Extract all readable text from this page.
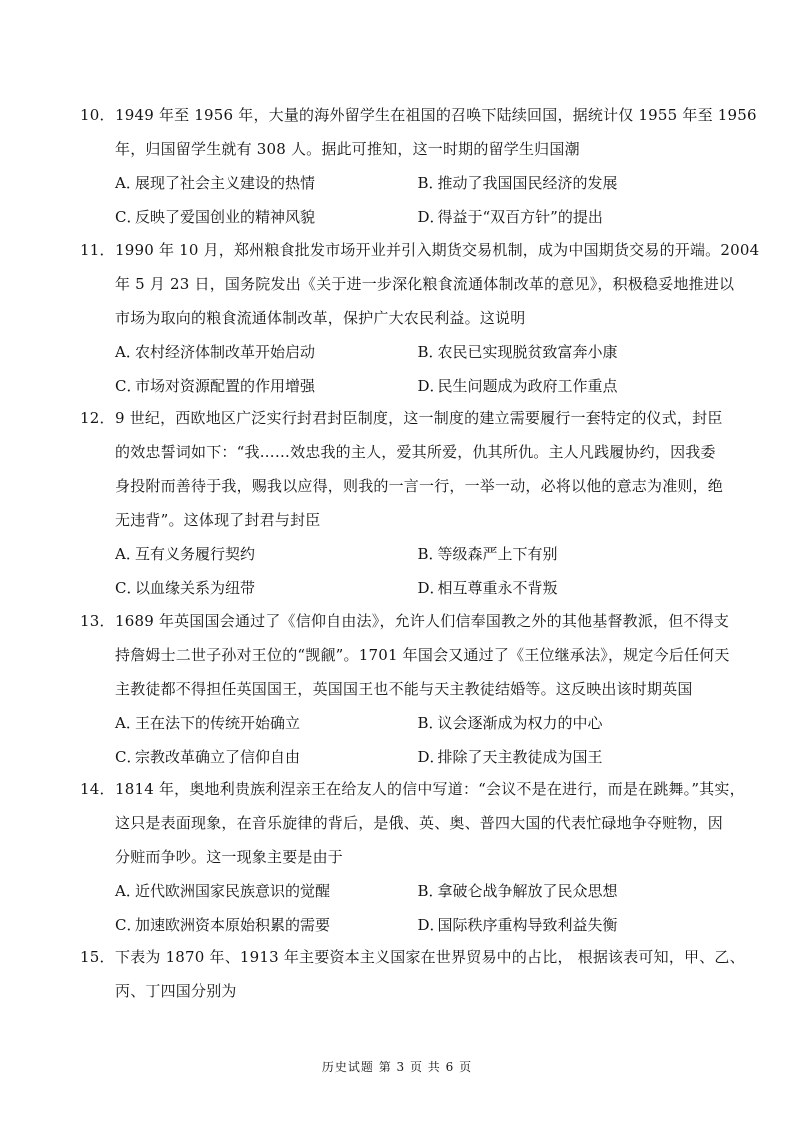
10．1949 年至 1956 年，大量的海外留学生在祖国的召唤下陆续回国，据统计仅 1955 年至 1956
年，归国留学生就有 308 人。据此可推知，这一时期的留学生归国潮
A．展现了社会主义建设的热情	B．推动了我国国民经济的发展
C．反映了爱国创业的精神风貌	D．得益于“双百方针”的提出
11．1990 年 10 月，郑州粮食批发市场开业并引入期货交易机制，成为中国期货交易的开端。2004
年 5 月 23 日，国务院发出《关于进一步深化粮食流通体制改革的意见》，积极稳妥地推进以
市场为取向的粮食流通体制改革，保护广大农民利益。这说明
A．农村经济体制改革开始启动	B．农民已实现脱贫致富奔小康
C．市场对资源配置的作用增强	D．民生问题成为政府工作重点
12．9 世纪，西欧地区广泛实行封君封臣制度，这一制度的建立需要履行一套特定的仪式，封臣
的效忠誓词如下：“我……效忠我的主人，爱其所爱，仇其所仇。主人凡践履协约，因我委
身投附而善待于我，赐我以应得，则我的一言一行，一举一动，必将以他的意志为准则，绝
无违背”。这体现了封君与封臣
A．互有义务履行契约	B．等级森严上下有别
C．以血缘关系为纽带	D．相互尊重永不背叛
13．1689 年英国国会通过了《信仰自由法》，允许人们信奉国教之外的其他基督教派，但不得支
持詹姆士二世子孙对王位的“觊觎”。1701 年国会又通过了《王位继承法》，规定今后任何天
主教徒都不得担任英国国王，英国国王也不能与天主教徒结婚等。这反映出该时期英国
A．王在法下的传统开始确立	B．议会逐渐成为权力的中心
C．宗教改革确立了信仰自由	D．排除了天主教徒成为国王
14．1814 年，奥地利贵族利涅亲王在给友人的信中写道：“会议不是在进行，而是在跳舞。”其实，
这只是表面现象，在音乐旋律的背后，是俄、英、奥、普四大国的代表忙碌地争夺赃物，因
分赃而争吵。这一现象主要是由于
A．近代欧洲国家民族意识的觉醒	B．拿破仑战争解放了民众思想
C．加速欧洲资本原始积累的需要	D．国际秩序重构导致利益失衡
15．下表为 1870 年、1913 年主要资本主义国家在世界贸易中的占比， 根据该表可知，甲、乙、
丙、丁四国分别为
历史试题 第 3 页 共 6 页
